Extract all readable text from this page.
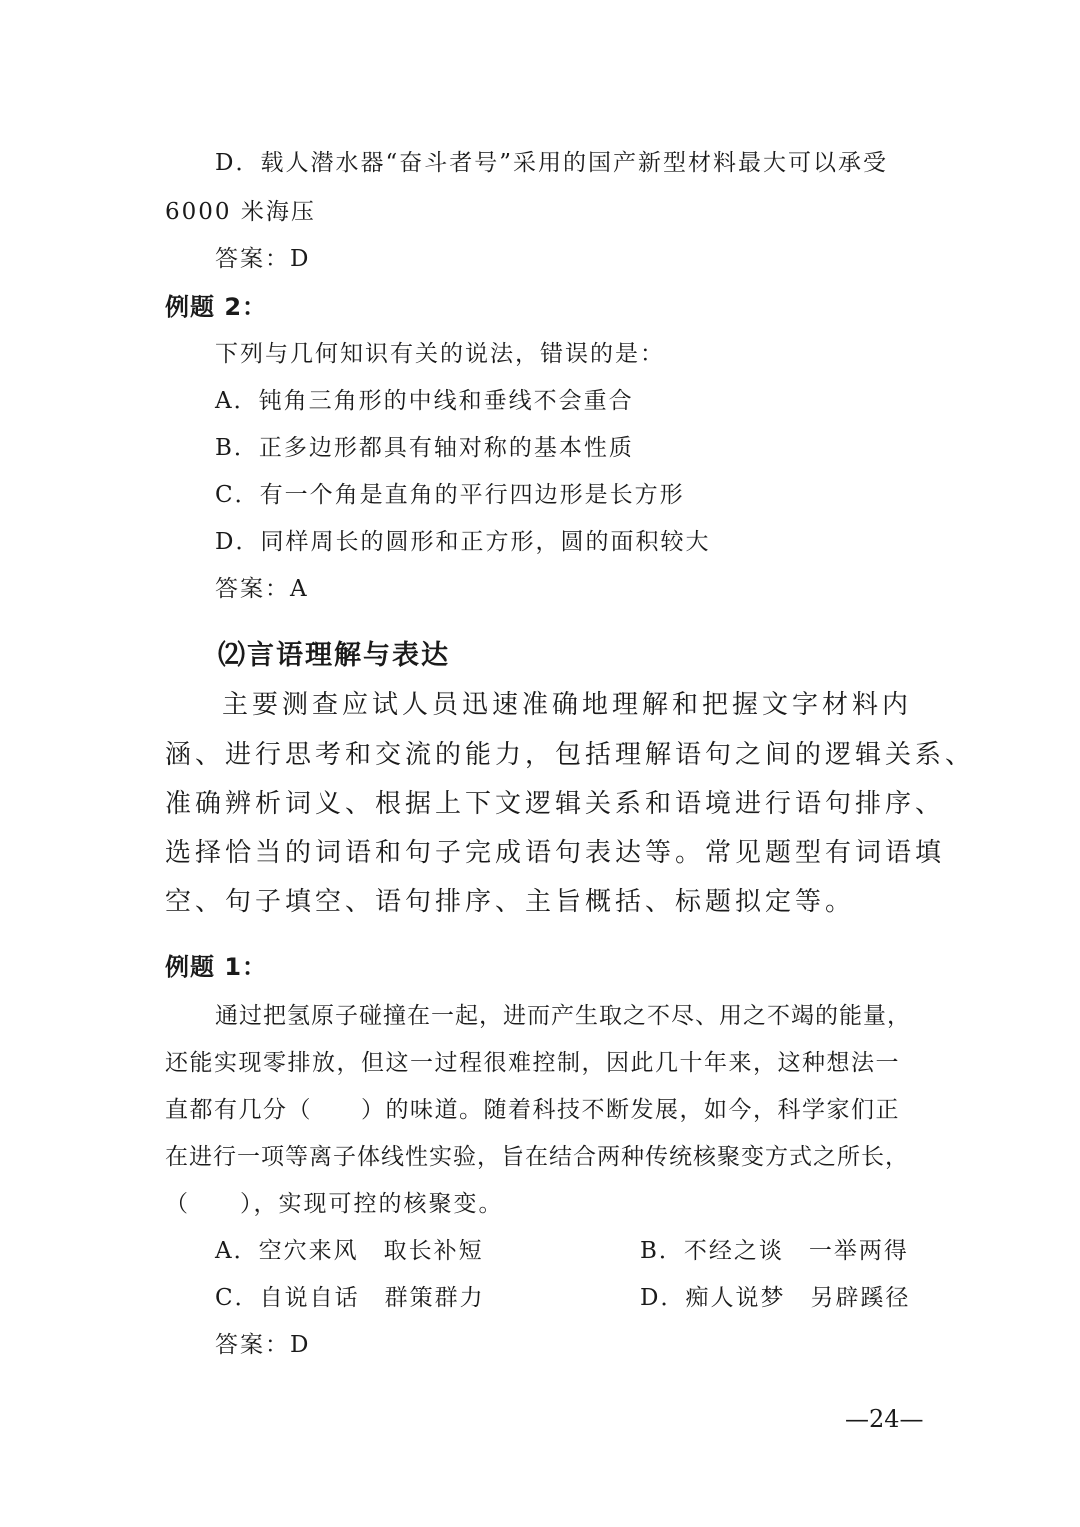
D．载人潜水器“奋斗者号”采用的国产新型材料最大可以承受
6000 米海压
答案：D
例题 2：
下列与几何知识有关的说法，错误的是：
A．钝角三角形的中线和垂线不会重合
B．正多边形都具有轴对称的基本性质
C．有一个角是直角的平行四边形是长方形
D．同样周长的圆形和正方形，圆的面积较大
答案：A
⑵言语理解与表达
主要测查应试人员迅速准确地理解和把握文字材料内
涵、进行思考和交流的能力，包括理解语句之间的逻辑关系、
准确辨析词义、根据上下文逻辑关系和语境进行语句排序、
选择恰当的词语和句子完成语句表达等。常见题型有词语填
空、句子填空、语句排序、主旨概括、标题拟定等。
例题 1：
通过把氢原子碰撞在一起，进而产生取之不尽、用之不竭的能量，
还能实现零排放，但这一过程很难控制，因此几十年来，这种想法一
直都有几分（　　）的味道。随着科技不断发展，如今，科学家们正
在进行一项等离子体线性实验，旨在结合两种传统核聚变方式之所长，
（　　），实现可控的核聚变。
A．空穴来风　取长补短	B．不经之谈　一举两得
C．自说自话　群策群力	D．痴人说梦　另辟蹊径
答案：D
—24—
